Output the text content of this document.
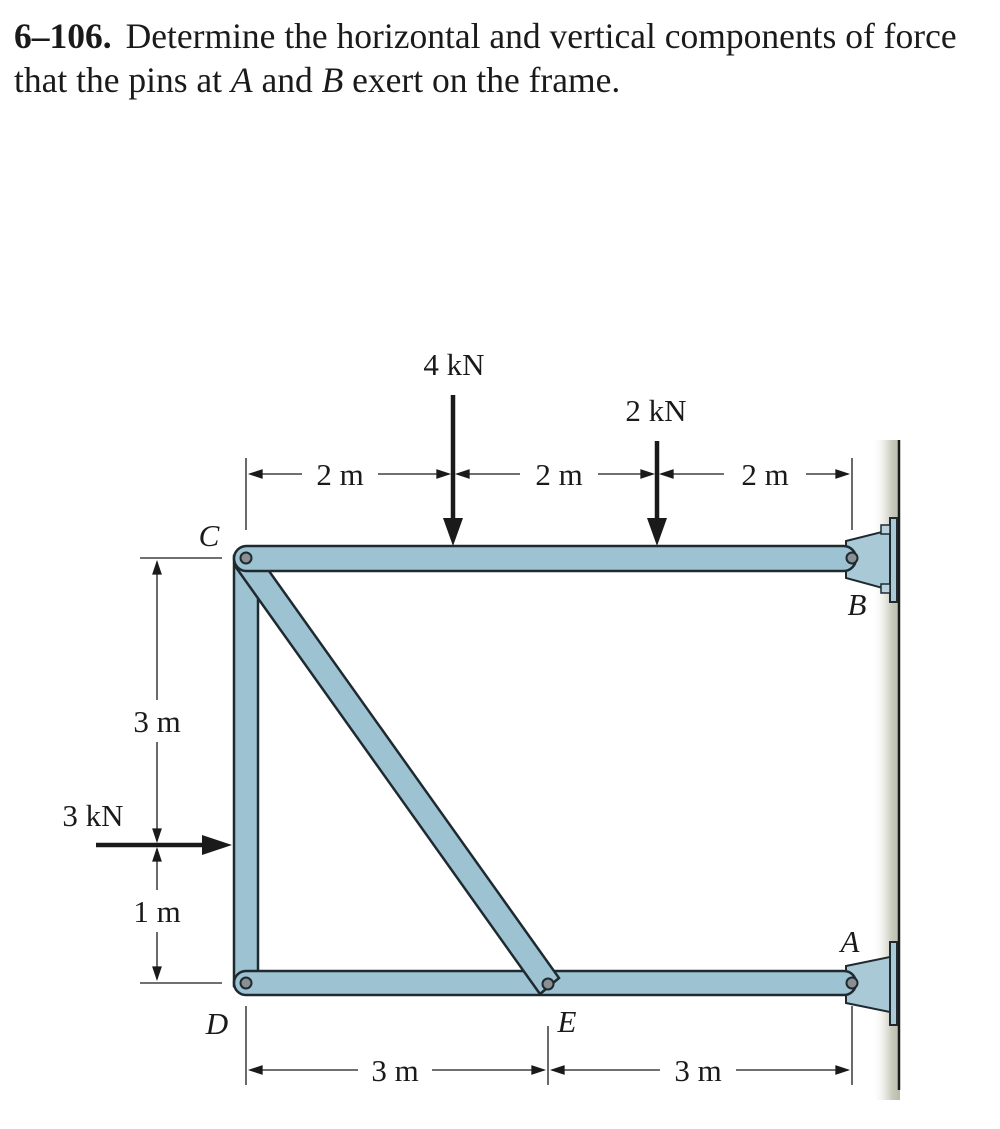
6–106. Determine the horizontal and vertical components of force that the pins at A and B exert on the frame.
4 kN
2 kN
3 kN
2 m	2 m	2 m
3 m
1 m
3 m	3 m
C
B
A
D	E
